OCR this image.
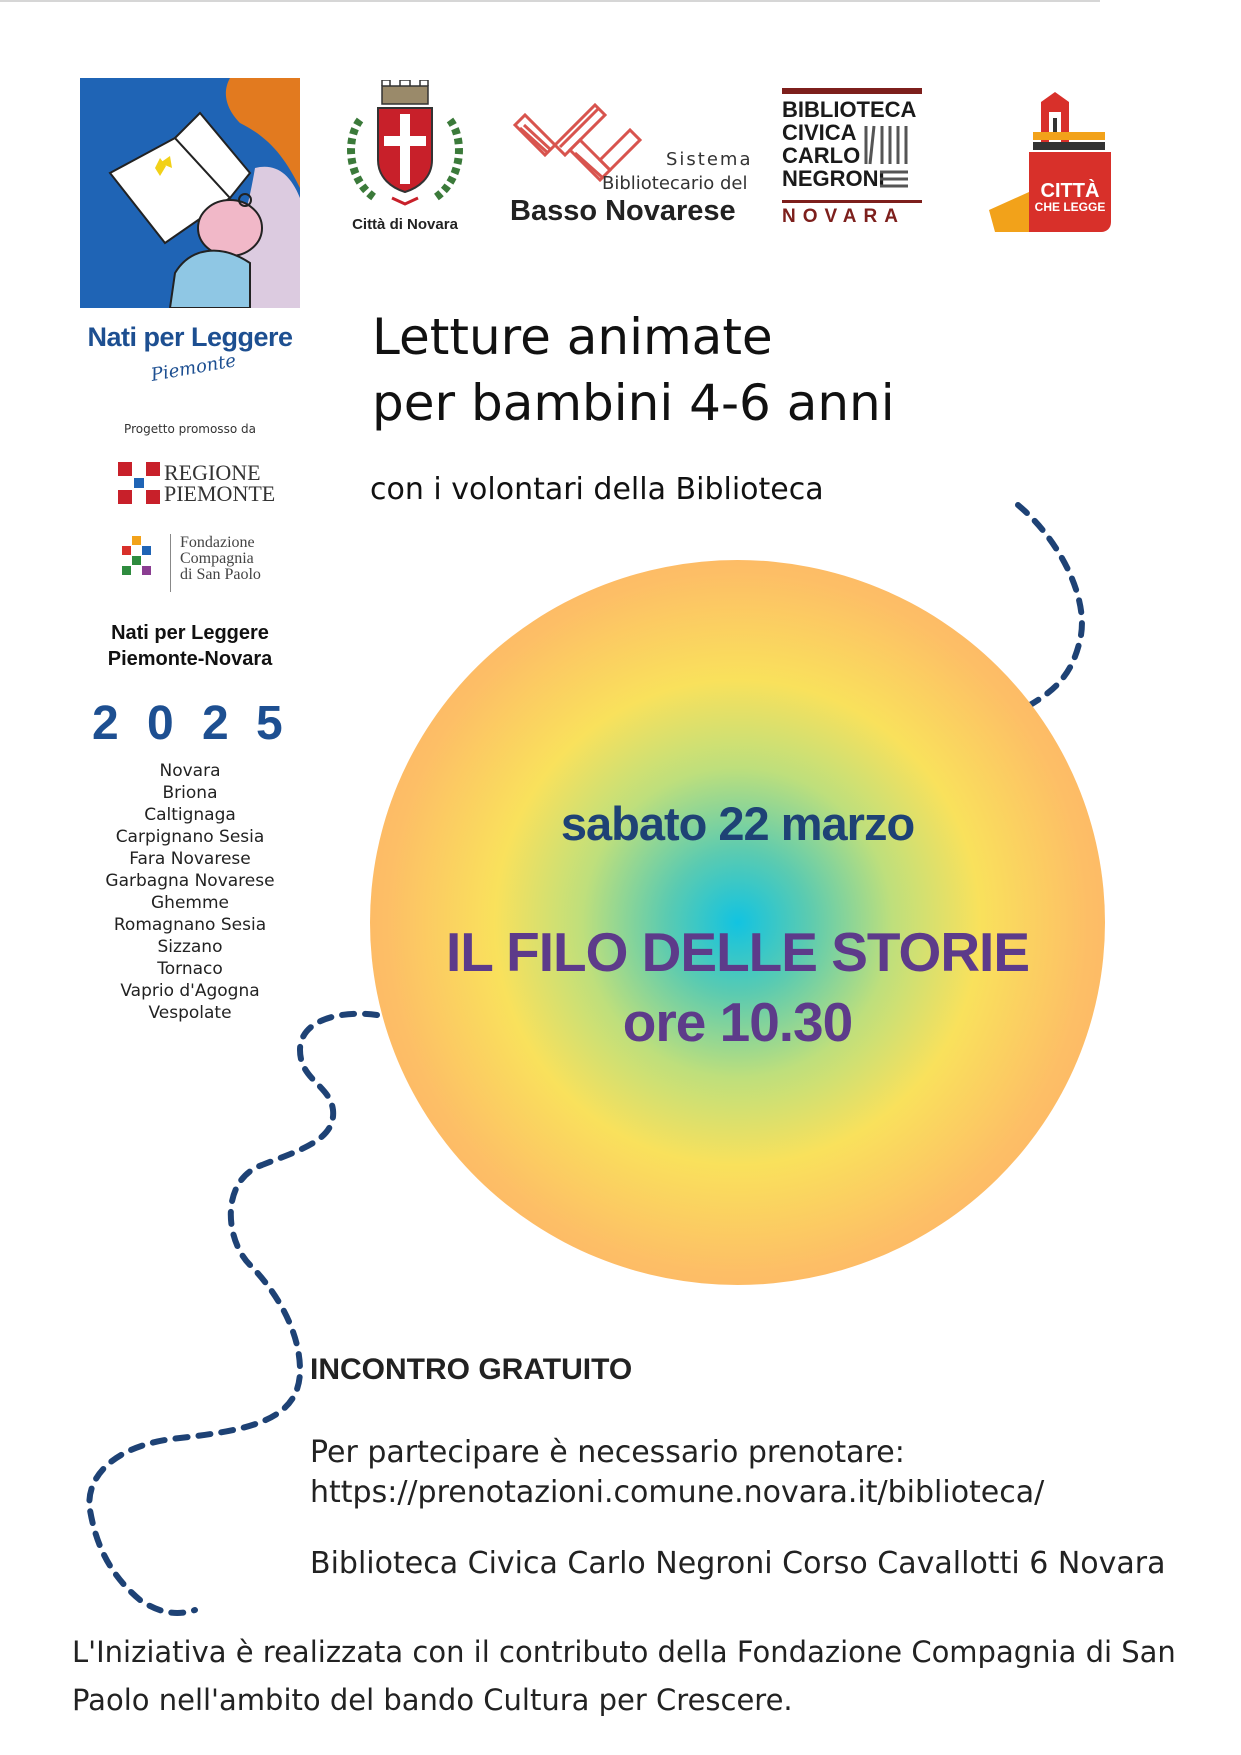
Nati per Leggere
Piemonte
Progetto promosso da
REGIONE
PIEMONTE
Fondazione
Compagnia
di San Paolo
Nati per Leggere
Piemonte-Novara
2 0 2 5
Novara
Briona
Caltignaga
Carpignano Sesia
Fara Novarese
Garbagna Novarese
Ghemme
Romagnano Sesia
Sizzano
Tornaco
Vaprio d'Agogna
Vespolate
Città di Novara
Sistema
Bibliotecario del
Basso Novarese
BIBLIOTECA
CIVICA
CARLO
NEGRONI
NOVARA
CITTÀ
CHE LEGGE
Letture animate
per bambini 4-6 anni
con i volontari della Biblioteca
sabato 22 marzo
IL FILO DELLE STORIE
ore 10.30
INCONTRO GRATUITO
Per partecipare è necessario prenotare:
https://prenotazioni.comune.novara.it/biblioteca/
Biblioteca Civica Carlo Negroni Corso Cavallotti 6 Novara
L'Iniziativa è realizzata con il contributo della Fondazione Compagnia di San
Paolo nell'ambito del bando Cultura per Crescere.
